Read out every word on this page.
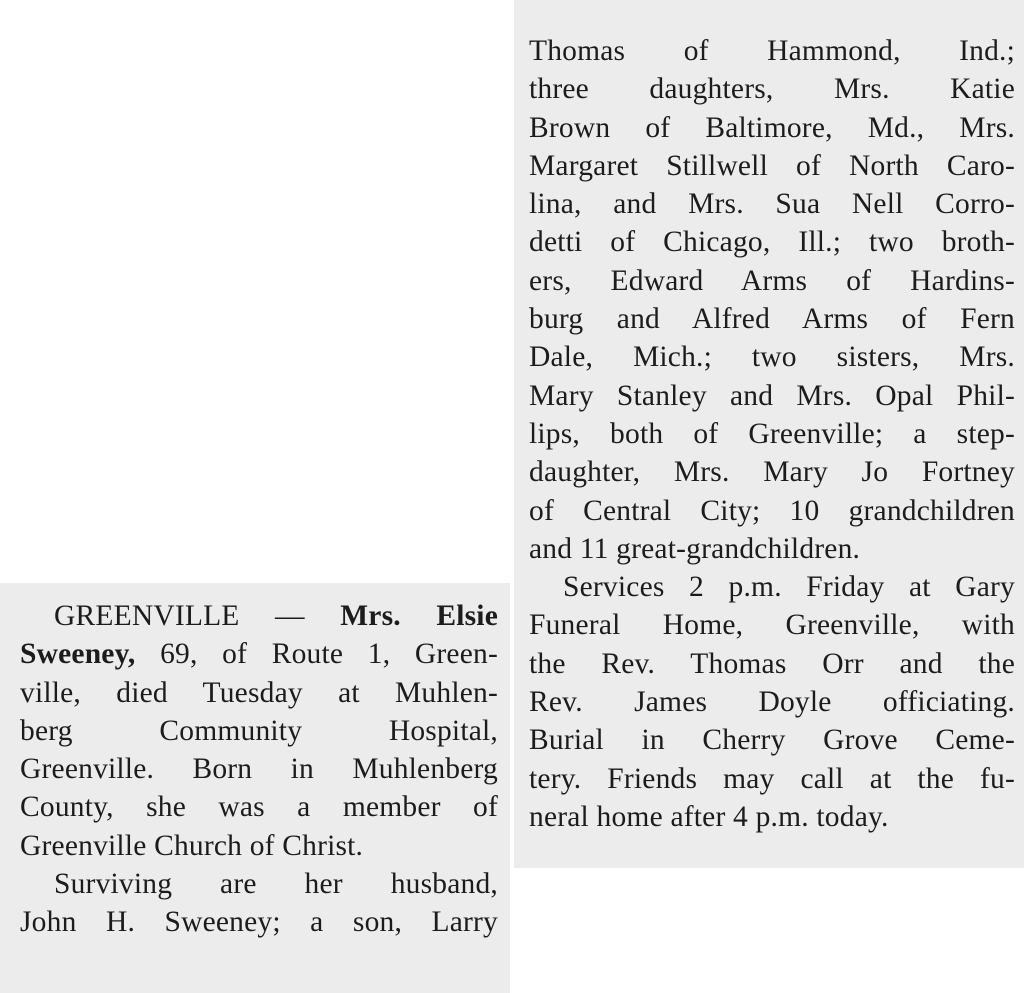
GREENVILLE — Mrs. Elsie
Sweeney, 69, of Route 1, Green-
ville, died Tuesday at Muhlen-
berg Community Hospital,
Greenville. Born in Muhlenberg
County, she was a member of
Greenville Church of Christ.
Surviving are her husband,
John H. Sweeney; a son, Larry
Thomas of Hammond, Ind.;
three daughters, Mrs. Katie
Brown of Baltimore, Md., Mrs.
Margaret Stillwell of North Caro-
lina, and Mrs. Sua Nell Corro-
detti of Chicago, Ill.; two broth-
ers, Edward Arms of Hardins-
burg and Alfred Arms of Fern
Dale, Mich.; two sisters, Mrs.
Mary Stanley and Mrs. Opal Phil-
lips, both of Greenville; a step-
daughter, Mrs. Mary Jo Fortney
of Central City; 10 grandchildren
and 11 great-grandchildren.
Services 2 p.m. Friday at Gary
Funeral Home, Greenville, with
the Rev. Thomas Orr and the
Rev. James Doyle officiating.
Burial in Cherry Grove Ceme-
tery. Friends may call at the fu-
neral home after 4 p.m. today.
